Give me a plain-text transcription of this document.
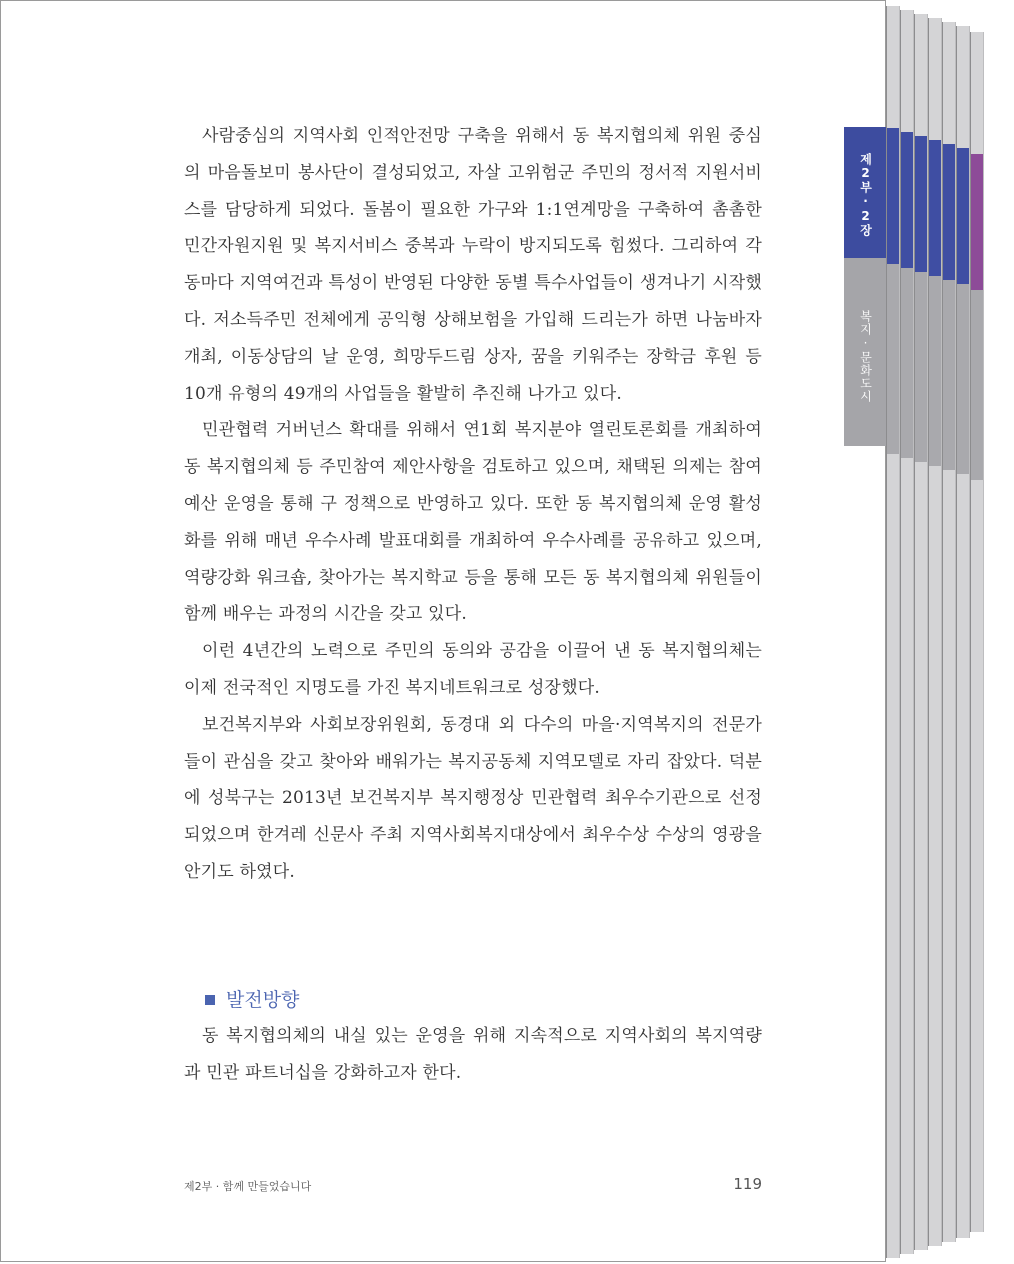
제2부·2장
복지·문화도시

사람중심의 지역사회 인적안전망 구축을 위해서 동 복지협의체 위원 중심의 마음돌보미 봉사단이 결성되었고, 자살 고위험군 주민의 정서적 지원서비스를 담당하게 되었다. 돌봄이 필요한 가구와 1:1연계망을 구축하여 촘촘한 민간자원지원 및 복지서비스 중복과 누락이 방지되도록 힘썼다. 그리하여 각 동마다 지역여건과 특성이 반영된 다양한 동별 특수사업들이 생겨나기 시작했다. 저소득주민 전체에게 공익형 상해보험을 가입해 드리는가 하면 나눔바자 개최, 이동상담의 날 운영, 희망두드림 상자, 꿈을 키워주는 장학금 후원 등 10개 유형의 49개의 사업들을 활발히 추진해 나가고 있다.

민관협력 거버넌스 확대를 위해서 연1회 복지분야 열린토론회를 개최하여 동 복지협의체 등 주민참여 제안사항을 검토하고 있으며, 채택된 의제는 참여예산 운영을 통해 구 정책으로 반영하고 있다. 또한 동 복지협의체 운영 활성화를 위해 매년 우수사례 발표대회를 개최하여 우수사례를 공유하고 있으며, 역량강화 워크숍, 찾아가는 복지학교 등을 통해 모든 동 복지협의체 위원들이 함께 배우는 과정의 시간을 갖고 있다.

이런 4년간의 노력으로 주민의 동의와 공감을 이끌어 낸 동 복지협의체는 이제 전국적인 지명도를 가진 복지네트워크로 성장했다.

보건복지부와 사회보장위원회, 동경대 외 다수의 마을·지역복지의 전문가들이 관심을 갖고 찾아와 배워가는 복지공동체 지역모델로 자리 잡았다. 덕분에 성북구는 2013년 보건복지부 복지행정상 민관협력 최우수기관으로 선정되었으며 한겨레 신문사 주최 지역사회복지대상에서 최우수상 수상의 영광을 안기도 하였다.

발전방향

동 복지협의체의 내실 있는 운영을 위해 지속적으로 지역사회의 복지역량과 민관 파트너십을 강화하고자 한다.

제2부 · 함께 만들었습니다	119
